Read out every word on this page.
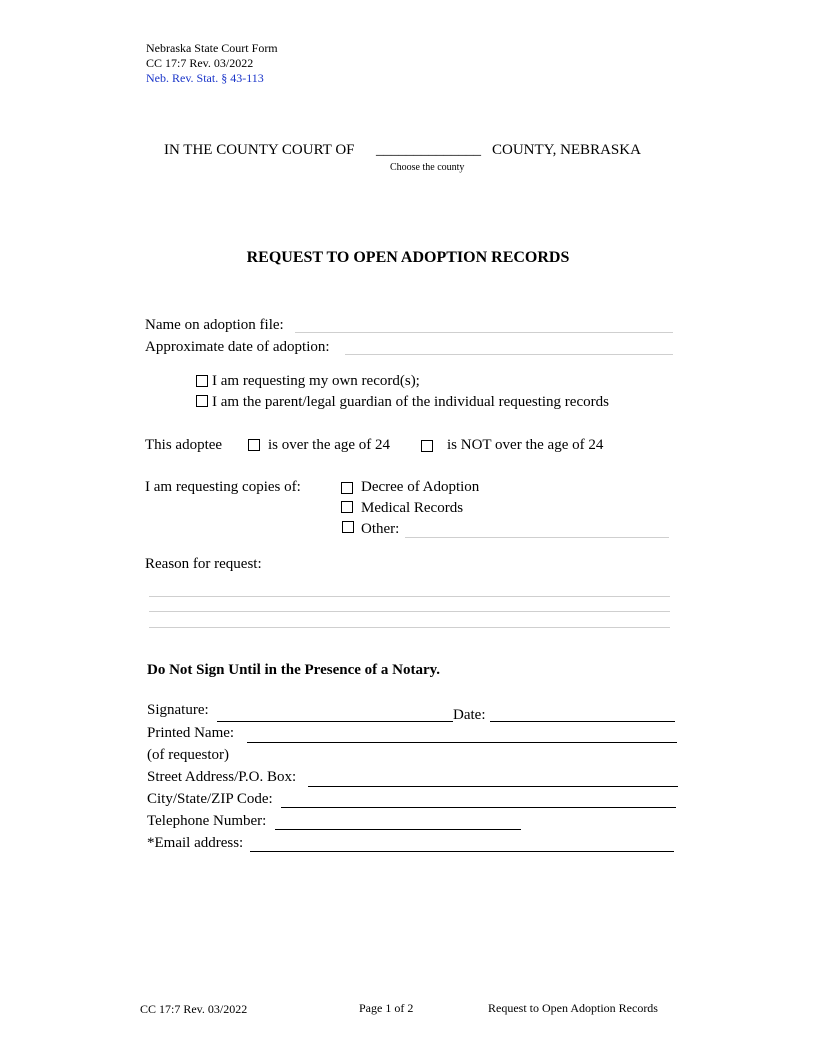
Nebraska State Court Form
CC 17:7 Rev. 03/2022
Neb. Rev. Stat. § 43-113
IN THE COUNTY COURT OF ______________ COUNTY, NEBRASKA
Choose the county
REQUEST TO OPEN ADOPTION RECORDS
Name on adoption file:
Approximate date of adoption:
I am requesting my own record(s);
I am the parent/legal guardian of the individual requesting records
This adoptee	is over the age of 24	is NOT over the age of 24
I am requesting copies of:	Decree of Adoption
Medical Records
Other:
Reason for request:
Do Not Sign Until in the Presence of a Notary.
Signature:	Date:
Printed Name:
(of requestor)
Street Address/P.O. Box:
City/State/ZIP Code:
Telephone Number:
*Email address:
CC 17:7 Rev. 03/2022	Page 1 of 2	Request to Open Adoption Records
